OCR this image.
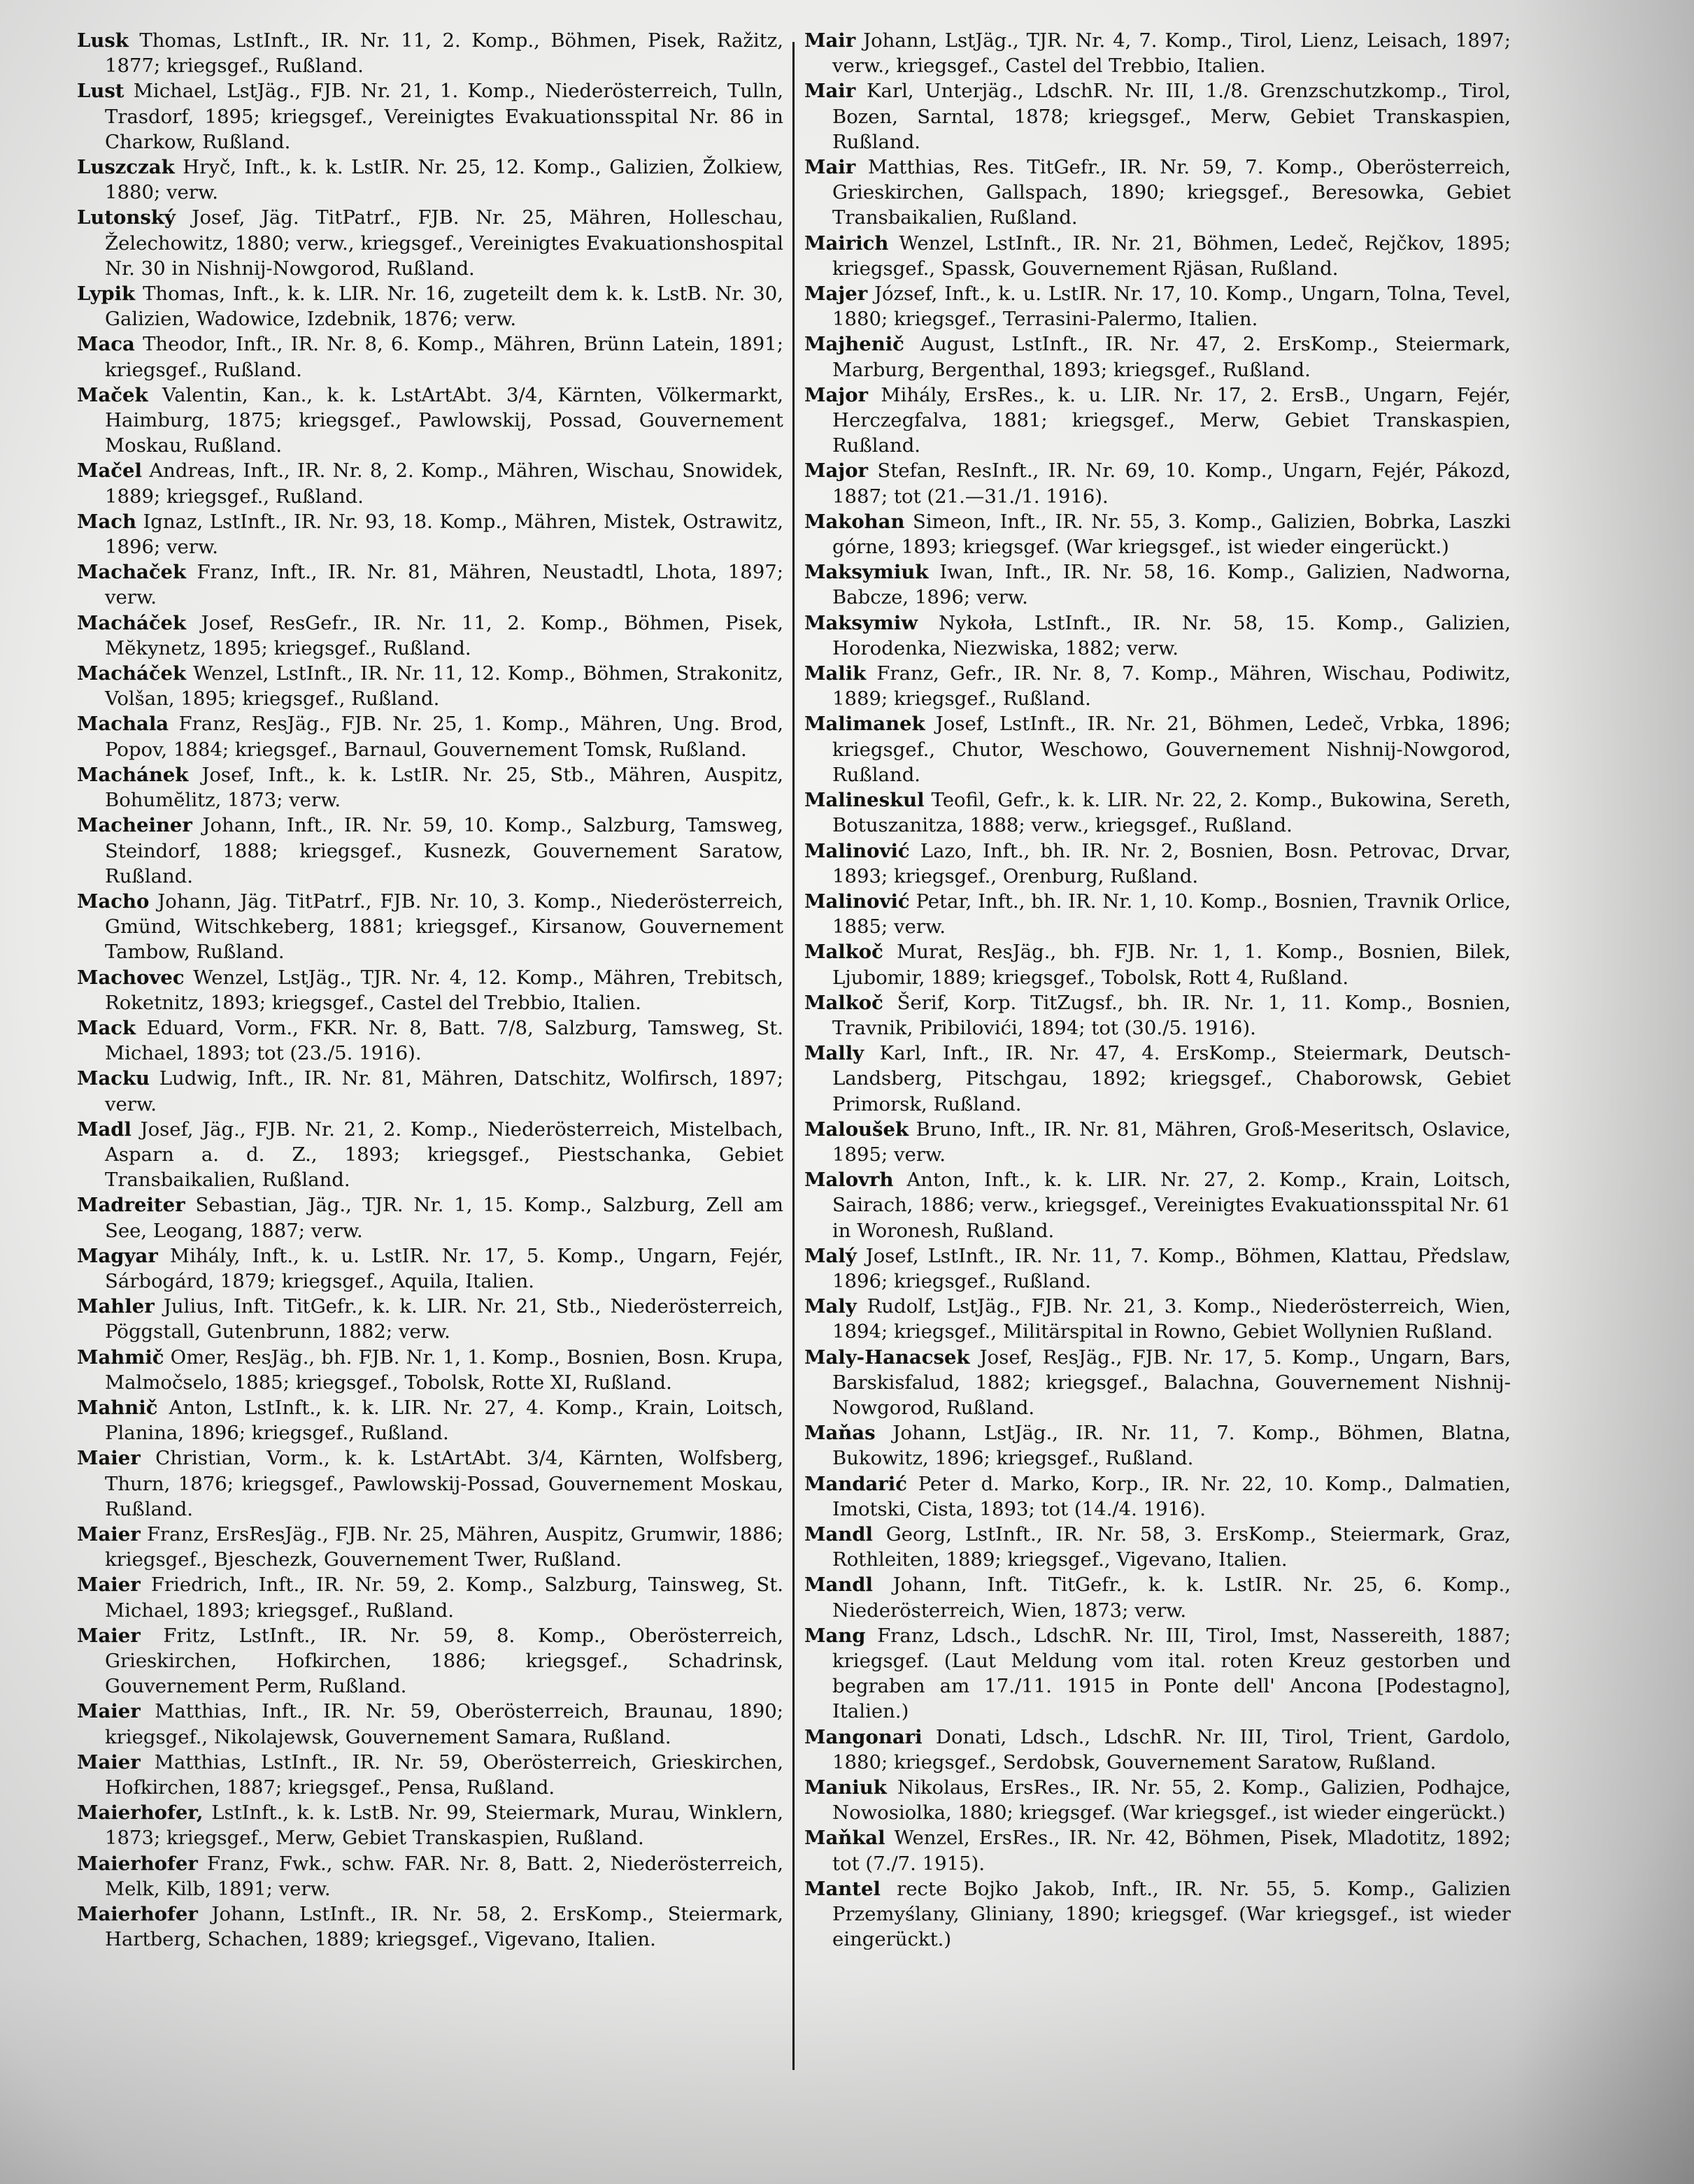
Lusk Thomas, LstInft., IR. Nr. 11, 2. Komp., Böhmen, Pisek, Ražitz, 1877; kriegsgef., Rußland.

Lust Michael, LstJäg., FJB. Nr. 21, 1. Komp., Niederösterreich, Tulln, Trasdorf, 1895; kriegsgef., Vereinigtes Evakuationsspital Nr. 86 in Charkow, Rußland.

Luszczak Hryč, Inft., k. k. LstIR. Nr. 25, 12. Komp., Galizien, Žolkiew, 1880; verw.

Lutonský Josef, Jäg. TitPatrf., FJB. Nr. 25, Mähren, Holleschau, Želechowitz, 1880; verw., kriegsgef., Vereinigtes Evakuationshospital Nr. 30 in Nishnij-Nowgorod, Rußland.

Lypik Thomas, Inft., k. k. LIR. Nr. 16, zugeteilt dem k. k. LstB. Nr. 30, Galizien, Wadowice, Izdebnik, 1876; verw.

Maca Theodor, Inft., IR. Nr. 8, 6. Komp., Mähren, Brünn Latein, 1891; kriegsgef., Rußland.

Maček Valentin, Kan., k. k. LstArtAbt. 3/4, Kärnten, Völkermarkt, Haimburg, 1875; kriegsgef., Pawlowskij, Possad, Gouvernement Moskau, Rußland.

Mačel Andreas, Inft., IR. Nr. 8, 2. Komp., Mähren, Wischau, Snowidek, 1889; kriegsgef., Rußland.

Mach Ignaz, LstInft., IR. Nr. 93, 18. Komp., Mähren, Mistek, Ostrawitz, 1896; verw.

Machaček Franz, Inft., IR. Nr. 81, Mähren, Neustadtl, Lhota, 1897; verw.

Macháček Josef, ResGefr., IR. Nr. 11, 2. Komp., Böhmen, Pisek, Mĕkynetz, 1895; kriegsgef., Rußland.

Macháček Wenzel, LstInft., IR. Nr. 11, 12. Komp., Böhmen, Strakonitz, Volšan, 1895; kriegsgef., Rußland.

Machala Franz, ResJäg., FJB. Nr. 25, 1. Komp., Mähren, Ung. Brod, Popov, 1884; kriegsgef., Barnaul, Gouvernement Tomsk, Rußland.

Machánek Josef, Inft., k. k. LstIR. Nr. 25, Stb., Mähren, Auspitz, Bohumĕlitz, 1873; verw.

Macheiner Johann, Inft., IR. Nr. 59, 10. Komp., Salzburg, Tamsweg, Steindorf, 1888; kriegsgef., Kusnezk, Gouvernement Saratow, Rußland.

Macho Johann, Jäg. TitPatrf., FJB. Nr. 10, 3. Komp., Niederösterreich, Gmünd, Witschkeberg, 1881; kriegsgef., Kirsanow, Gouvernement Tambow, Rußland.

Machovec Wenzel, LstJäg., TJR. Nr. 4, 12. Komp., Mähren, Trebitsch, Roketnitz, 1893; kriegsgef., Castel del Trebbio, Italien.

Mack Eduard, Vorm., FKR. Nr. 8, Batt. 7/8, Salzburg, Tamsweg, St. Michael, 1893; tot (23./5. 1916).

Macku Ludwig, Inft., IR. Nr. 81, Mähren, Datschitz, Wolfirsch, 1897; verw.

Madl Josef, Jäg., FJB. Nr. 21, 2. Komp., Niederösterreich, Mistelbach, Asparn a. d. Z., 1893; kriegsgef., Piestschanka, Gebiet Transbaikalien, Rußland.

Madreiter Sebastian, Jäg., TJR. Nr. 1, 15. Komp., Salzburg, Zell am See, Leogang, 1887; verw.

Magyar Mihály, Inft., k. u. LstIR. Nr. 17, 5. Komp., Ungarn, Fejér, Sárbogárd, 1879; kriegsgef., Aquila, Italien.

Mahler Julius, Inft. TitGefr., k. k. LIR. Nr. 21, Stb., Niederösterreich, Pöggstall, Gutenbrunn, 1882; verw.

Mahmič Omer, ResJäg., bh. FJB. Nr. 1, 1. Komp., Bosnien, Bosn. Krupa, Malmočselo, 1885; kriegsgef., Tobolsk, Rotte XI, Rußland.

Mahnič Anton, LstInft., k. k. LIR. Nr. 27, 4. Komp., Krain, Loitsch, Planina, 1896; kriegsgef., Rußland.

Maier Christian, Vorm., k. k. LstArtAbt. 3/4, Kärnten, Wolfsberg, Thurn, 1876; kriegsgef., Pawlowskij-Possad, Gouvernement Moskau, Rußland.

Maier Franz, ErsResJäg., FJB. Nr. 25, Mähren, Auspitz, Grumwir, 1886; kriegsgef., Bjeschezk, Gouvernement Twer, Rußland.

Maier Friedrich, Inft., IR. Nr. 59, 2. Komp., Salzburg, Tainsweg, St. Michael, 1893; kriegsgef., Rußland.

Maier Fritz, LstInft., IR. Nr. 59, 8. Komp., Oberösterreich, Grieskirchen, Hofkirchen, 1886; kriegsgef., Schadrinsk, Gouvernement Perm, Rußland.

Maier Matthias, Inft., IR. Nr. 59, Oberösterreich, Braunau, 1890; kriegsgef., Nikolajewsk, Gouvernement Samara, Rußland.

Maier Matthias, LstInft., IR. Nr. 59, Oberösterreich, Grieskirchen, Hofkirchen, 1887; kriegsgef., Pensa, Rußland.

Maierhofer, LstInft., k. k. LstB. Nr. 99, Steiermark, Murau, Winklern, 1873; kriegsgef., Merw, Gebiet Transkaspien, Rußland.

Maierhofer Franz, Fwk., schw. FAR. Nr. 8, Batt. 2, Niederösterreich, Melk, Kilb, 1891; verw.

Maierhofer Johann, LstInft., IR. Nr. 58, 2. ErsKomp., Steiermark, Hartberg, Schachen, 1889; kriegsgef., Vigevano, Italien.

Mair Johann, LstJäg., TJR. Nr. 4, 7. Komp., Tirol, Lienz, Leisach, 1897; verw., kriegsgef., Castel del Trebbio, Italien.

Mair Karl, Unterjäg., LdschR. Nr. III, 1./8. Grenzschutzkomp., Tirol, Bozen, Sarntal, 1878; kriegsgef., Merw, Gebiet Transkaspien, Rußland.

Mair Matthias, Res. TitGefr., IR. Nr. 59, 7. Komp., Oberösterreich, Grieskirchen, Gallspach, 1890; kriegsgef., Beresowka, Gebiet Transbaikalien, Rußland.

Mairich Wenzel, LstInft., IR. Nr. 21, Böhmen, Ledeč, Rejčkov, 1895; kriegsgef., Spassk, Gouvernement Rjäsan, Rußland.

Majer József, Inft., k. u. LstIR. Nr. 17, 10. Komp., Ungarn, Tolna, Tevel, 1880; kriegsgef., Terrasini-Palermo, Italien.

Majhenič August, LstInft., IR. Nr. 47, 2. ErsKomp., Steiermark, Marburg, Bergenthal, 1893; kriegsgef., Rußland.

Major Mihály, ErsRes., k. u. LIR. Nr. 17, 2. ErsB., Ungarn, Fejér, Herczegfalva, 1881; kriegsgef., Merw, Gebiet Transkaspien, Rußland.

Major Stefan, ResInft., IR. Nr. 69, 10. Komp., Ungarn, Fejér, Pákozd, 1887; tot (21.—31./1. 1916).

Makohan Simeon, Inft., IR. Nr. 55, 3. Komp., Galizien, Bobrka, Laszki górne, 1893; kriegsgef. (War kriegsgef., ist wieder eingerückt.)

Maksymiuk Iwan, Inft., IR. Nr. 58, 16. Komp., Galizien, Nadworna, Babcze, 1896; verw.

Maksymiw Nykoła, LstInft., IR. Nr. 58, 15. Komp., Galizien, Horodenka, Niezwiska, 1882; verw.

Malik Franz, Gefr., IR. Nr. 8, 7. Komp., Mähren, Wischau, Podiwitz, 1889; kriegsgef., Rußland.

Malimanek Josef, LstInft., IR. Nr. 21, Böhmen, Ledeč, Vrbka, 1896; kriegsgef., Chutor, Weschowo, Gouvernement Nishnij-Nowgorod, Rußland.

Malineskul Teofil, Gefr., k. k. LIR. Nr. 22, 2. Komp., Bukowina, Sereth, Botuszanitza, 1888; verw., kriegsgef., Rußland.

Malinović Lazo, Inft., bh. IR. Nr. 2, Bosnien, Bosn. Petrovac, Drvar, 1893; kriegsgef., Orenburg, Rußland.

Malinović Petar, Inft., bh. IR. Nr. 1, 10. Komp., Bosnien, Travnik Orlice, 1885; verw.

Malkoč Murat, ResJäg., bh. FJB. Nr. 1, 1. Komp., Bosnien, Bilek, Ljubomir, 1889; kriegsgef., Tobolsk, Rott 4, Rußland.

Malkoč Šerif, Korp. TitZugsf., bh. IR. Nr. 1, 11. Komp., Bosnien, Travnik, Pribilovići, 1894; tot (30./5. 1916).

Mally Karl, Inft., IR. Nr. 47, 4. ErsKomp., Steiermark, Deutsch-Landsberg, Pitschgau, 1892; kriegsgef., Chaborowsk, Gebiet Primorsk, Rußland.

Maloušek Bruno, Inft., IR. Nr. 81, Mähren, Groß-Meseritsch, Oslavice, 1895; verw.

Malovrh Anton, Inft., k. k. LIR. Nr. 27, 2. Komp., Krain, Loitsch, Sairach, 1886; verw., kriegsgef., Vereinigtes Evakuationsspital Nr. 61 in Woronesh, Rußland.

Malý Josef, LstInft., IR. Nr. 11, 7. Komp., Böhmen, Klattau, Předslaw, 1896; kriegsgef., Rußland.

Maly Rudolf, LstJäg., FJB. Nr. 21, 3. Komp., Niederösterreich, Wien, 1894; kriegsgef., Militärspital in Rowno, Gebiet Wollynien Rußland.

Maly-Hanacsek Josef, ResJäg., FJB. Nr. 17, 5. Komp., Ungarn, Bars, Barskisfalud, 1882; kriegsgef., Balachna, Gouvernement Nishnij-Nowgorod, Rußland.

Maňas Johann, LstJäg., IR. Nr. 11, 7. Komp., Böhmen, Blatna, Bukowitz, 1896; kriegsgef., Rußland.

Mandarić Peter d. Marko, Korp., IR. Nr. 22, 10. Komp., Dalmatien, Imotski, Cista, 1893; tot (14./4. 1916).

Mandl Georg, LstInft., IR. Nr. 58, 3. ErsKomp., Steiermark, Graz, Rothleiten, 1889; kriegsgef., Vigevano, Italien.

Mandl Johann, Inft. TitGefr., k. k. LstIR. Nr. 25, 6. Komp., Niederösterreich, Wien, 1873; verw.

Mang Franz, Ldsch., LdschR. Nr. III, Tirol, Imst, Nassereith, 1887; kriegsgef. (Laut Meldung vom ital. roten Kreuz gestorben und begraben am 17./11. 1915 in Ponte dell' Ancona [Podestagno], Italien.)

Mangonari Donati, Ldsch., LdschR. Nr. III, Tirol, Trient, Gardolo, 1880; kriegsgef., Serdobsk, Gouvernement Saratow, Rußland.

Maniuk Nikolaus, ErsRes., IR. Nr. 55, 2. Komp., Galizien, Podhajce, Nowosiolka, 1880; kriegsgef. (War kriegsgef., ist wieder eingerückt.)

Maňkal Wenzel, ErsRes., IR. Nr. 42, Böhmen, Pisek, Mladotitz, 1892; tot (7./7. 1915).

Mantel recte Bojko Jakob, Inft., IR. Nr. 55, 5. Komp., Galizien Przemyślany, Gliniany, 1890; kriegsgef. (War kriegsgef., ist wieder eingerückt.)
